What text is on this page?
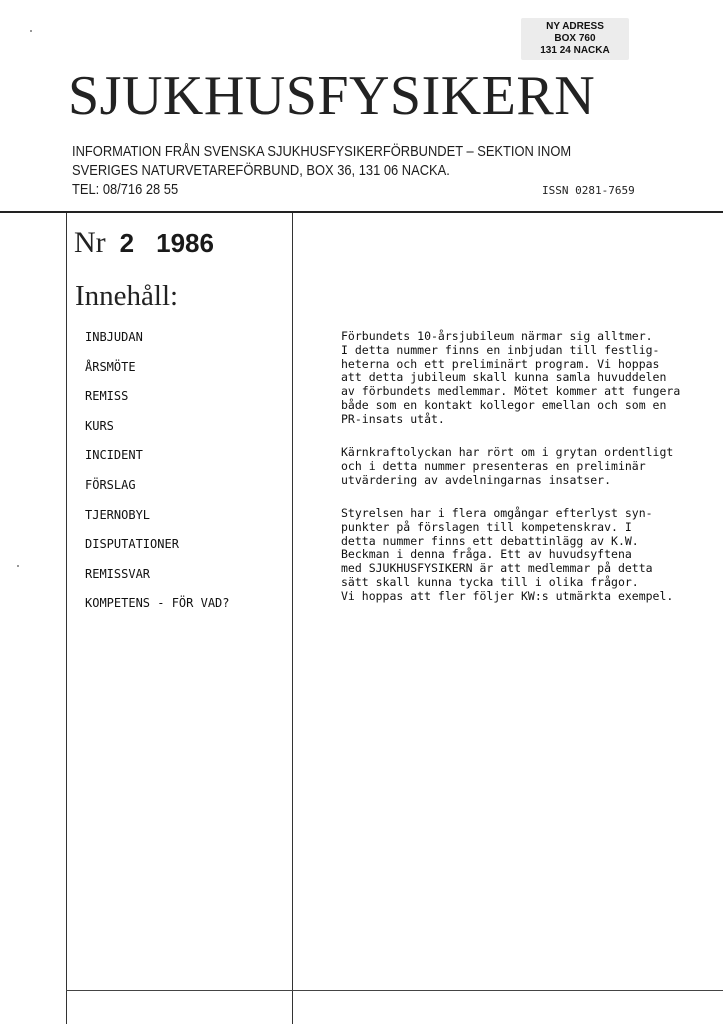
NY ADRESS
BOX 760
131 24 NACKA
SJUKHUSFYSIKERN
INFORMATION FRÅN SVENSKA SJUKHUSFYSIKERFÖRBUNDET – SEKTION INOM
SVERIGES NATURVETAREFÖRBUND, BOX 36, 131 06 NACKA.
TEL: 08/716 28 55	ISSN 0281-7659
Nr 2 1986
Innehåll:
INBJUDAN
ÅRSMÖTE
REMISS
KURS
INCIDENT
FÖRSLAG
TJERNOBYL
DISPUTATIONER
REMISSVAR
KOMPETENS - FÖR VAD?
Förbundets 10-årsjubileum närmar sig alltmer.
I detta nummer finns en inbjudan till festlig-
heterna och ett preliminärt program. Vi hoppas
att detta jubileum skall kunna samla huvuddelen
av förbundets medlemmar. Mötet kommer att fungera
både som en kontakt kollegor emellan och som en
PR-insats utåt.
Kärnkraftolyckan har rört om i grytan ordentligt
och i detta nummer presenteras en preliminär
utvärdering av avdelningarnas insatser.
Styrelsen har i flera omgångar efterlyst syn-
punkter på förslagen till kompetenskrav. I
detta nummer finns ett debattinlägg av K.W.
Beckman i denna fråga. Ett av huvudsyftena
med SJUKHUSFYSIKERN är att medlemmar på detta
sätt skall kunna tycka till i olika frågor.
Vi hoppas att fler följer KW:s utmärkta exempel.
